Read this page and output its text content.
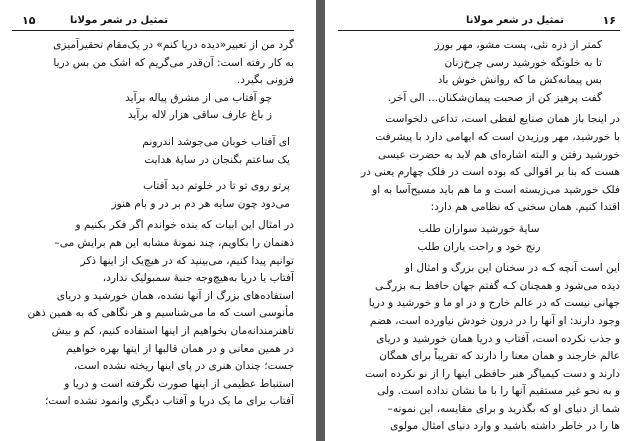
تمثیل در شعر مولانا
۱۵
گرد من از تعبیر«دیده دریا کنم» در یک‌مقام تحقیرآمیزی
به کار رفته است: آن‌قدر می‌گریم که اشک من بس دریا
فزونی بگیرد.
چو آفتاب می از مشرق پیاله برآید
ز باغ عارف ساقی هزار لاله برآید
اى آفتاب خوبان می‌جوشد اندرونم
یک ساعتم بگنجان در سایهٔ هدایت
پرتو روی تو تا در خلوتم دید آفتاب
می‌دود چون سایه هر دم بر در و بام هنوز
در امثال این ابیات که بنده خواندم اگر فکر بکنیم و
ذهنمان را بکاویم، چند نمونهٔ مشابه این هم برایش می‌–
توانیم پیدا کنیم، می‌بینید که در هیچ‌یک از اینها ذکر
آفتاب یا دریا به‌هیچ‌وجه جنبهٔ سمبولیک ندارد،
استفاده‌های بزرگ از آنها نشده، همان خورشید و دریای
مأنوسی است که ما می‌شناسیم و هر نگاهی که به همین ذهن
تاهنرمندانه‌مان بخواهیم از اینها استفاده کنیم، کم و بیش
در همین معانی و در همان قالبها از اینها بهره خواهیم
جست؛ چندان هنری در پای اینها ریخته نشده است،
استنباط عظیمی از اینها صورت نگرفته است و دریا و
آفتاب برای ما یک دریا و آفتاب دیگری وانمود نشده است؛
۱۶
تمثیل در شعر مولانا
کمتر از ذره نئی، پست مشو، مهر بورز
تا به خلوتگه خورشید رسی چرخ‌زنان
بس پیمانه‌کش ما که روانش خوش باد
گفت پرهیز کن از صحبت پیمان‌شکنان... الی آخر.
در اینجا باز همان صنایع لفظی است، تداعی دلخواست
با خورشید، مهر ورزیدن است که ایهامی دارد با پیشرفت
خورشید رفتن و البته اشاره‌ای هم لابد به حضرت عیسی
هست که بنا بر اقوالی که بوده است در فلک چهارم یعنی در
فلک خورشید می‌زیسته است و ما هم باید مسیح‌آسا به او
اقتدا کنیم. همان سخنی که نظامی هم دارد:
سایهٔ خورشید سواران طلب
رنج خود و راحت یاران طلب
این است آنچه کـه در سخنان این بزرگ و امثال او
دیده می‌شود و همچنان کـه گفتم جهان حافظ بـه بزرگـی
جهانی نیست که در عالم خارج و در او ما و خورشید و دریا
وجود دارند: او آنها را در درون خودش نیاورده است، هضم
و جذب نکرده است، آفتاب و دریا همان خورشید و دریای
عالم خارجند و همان معنا را دارند که تقریباً برای همگان
دارند و دست کیمیاگر هنر حافظی اینها را از نو نکرده است
و به نحو غیر مستقیم آنها را با ما نشان نداده است. ولی
شما از دنیای او که بگذرید و برای مقایسه، این نمونه–
ها را در خاطر داشته باشید و وارد دنیای امثال مولوی
